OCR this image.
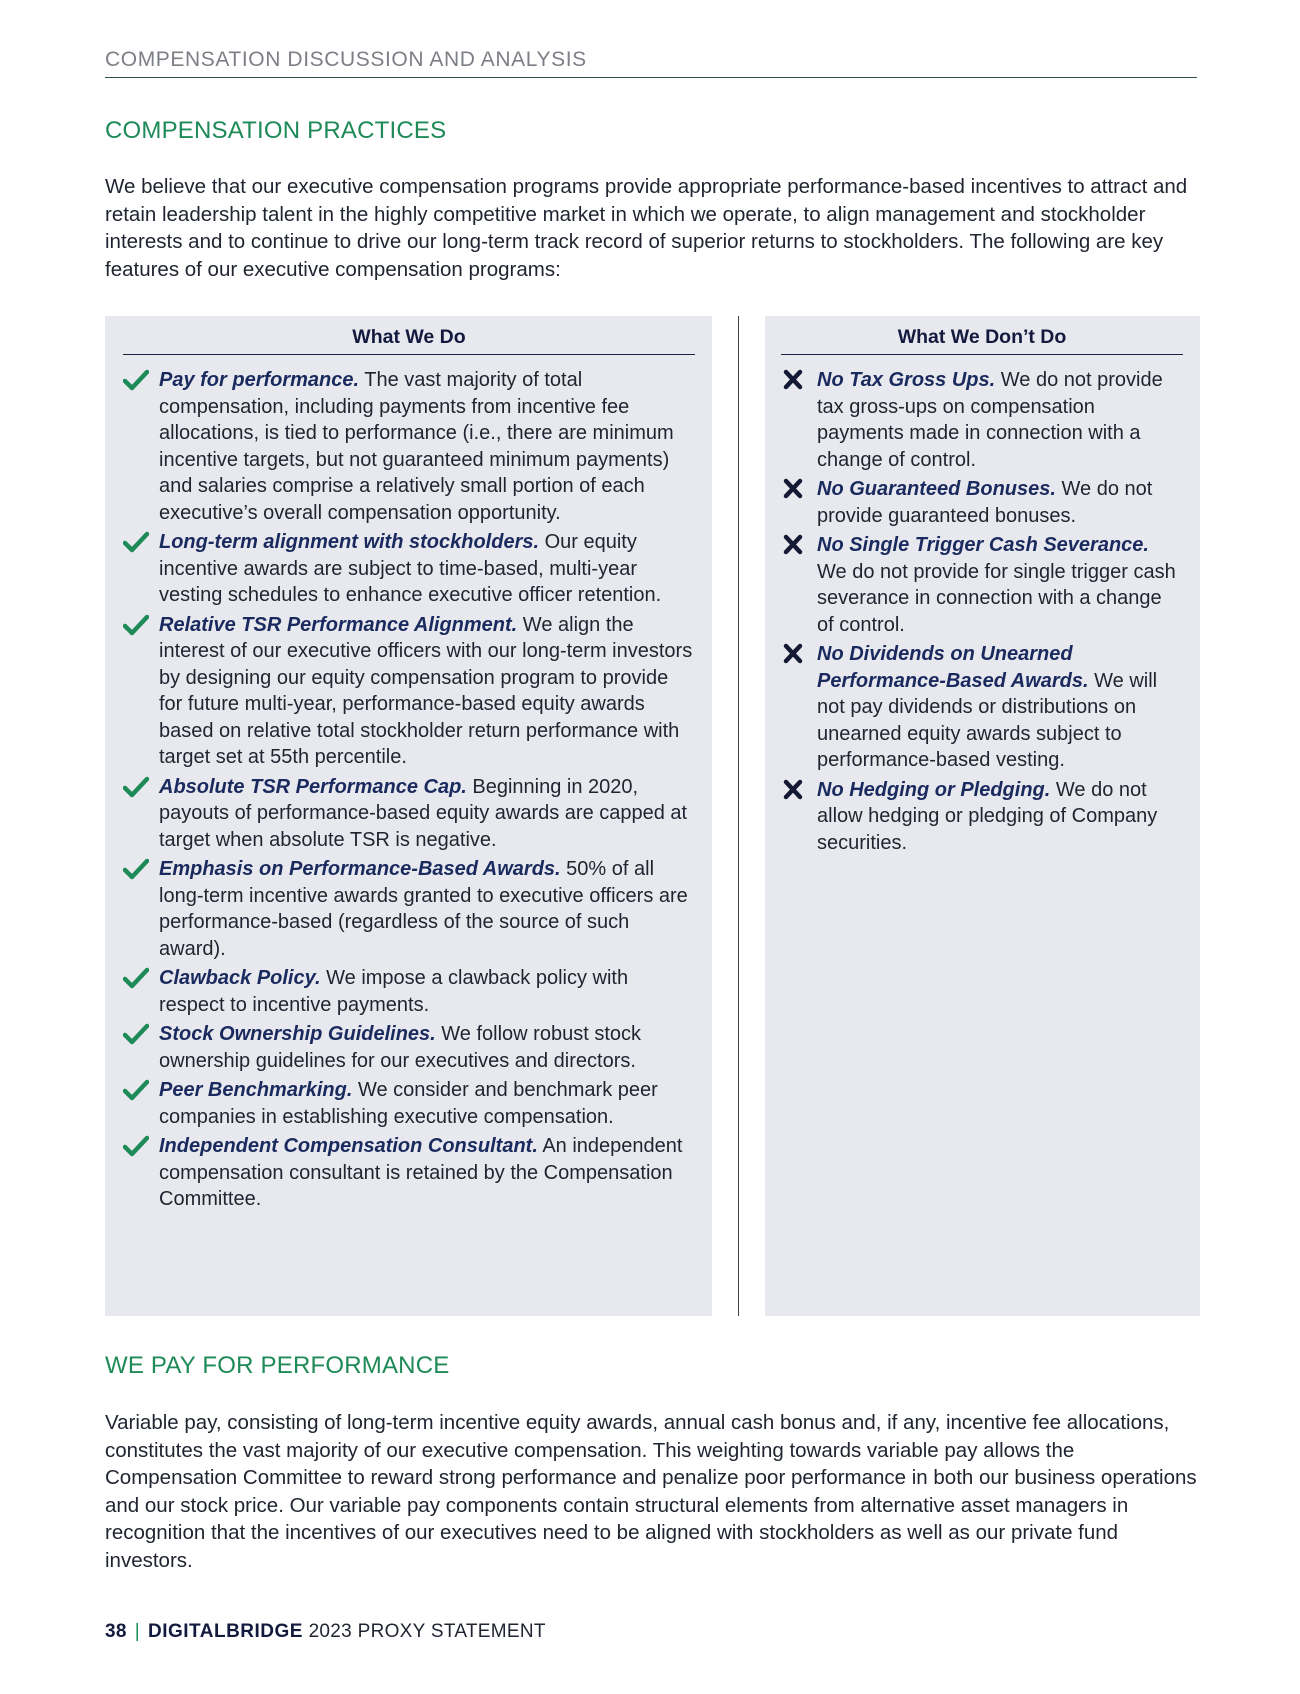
COMPENSATION DISCUSSION AND ANALYSIS
COMPENSATION PRACTICES
We believe that our executive compensation programs provide appropriate performance-based incentives to attract and retain leadership talent in the highly competitive market in which we operate, to align management and stockholder interests and to continue to drive our long-term track record of superior returns to stockholders. The following are key features of our executive compensation programs:
What We Do
Pay for performance. The vast majority of total compensation, including payments from incentive fee allocations, is tied to performance (i.e., there are minimum incentive targets, but not guaranteed minimum payments) and salaries comprise a relatively small portion of each executive’s overall compensation opportunity.
Long-term alignment with stockholders. Our equity incentive awards are subject to time-based, multi-year vesting schedules to enhance executive officer retention.
Relative TSR Performance Alignment. We align the interest of our executive officers with our long-term investors by designing our equity compensation program to provide for future multi-year, performance-based equity awards based on relative total stockholder return performance with target set at 55th percentile.
Absolute TSR Performance Cap. Beginning in 2020, payouts of performance-based equity awards are capped at target when absolute TSR is negative.
Emphasis on Performance-Based Awards. 50% of all long-term incentive awards granted to executive officers are performance-based (regardless of the source of such award).
Clawback Policy. We impose a clawback policy with respect to incentive payments.
Stock Ownership Guidelines. We follow robust stock ownership guidelines for our executives and directors.
Peer Benchmarking. We consider and benchmark peer companies in establishing executive compensation.
Independent Compensation Consultant. An independent compensation consultant is retained by the Compensation Committee.
What We Don’t Do
No Tax Gross Ups. We do not provide tax gross-ups on compensation payments made in connection with a change of control.
No Guaranteed Bonuses. We do not provide guaranteed bonuses.
No Single Trigger Cash Severance. We do not provide for single trigger cash severance in connection with a change of control.
No Dividends on Unearned Performance-Based Awards. We will not pay dividends or distributions on unearned equity awards subject to performance-based vesting.
No Hedging or Pledging. We do not allow hedging or pledging of Company securities.
WE PAY FOR PERFORMANCE
Variable pay, consisting of long-term incentive equity awards, annual cash bonus and, if any, incentive fee allocations, constitutes the vast majority of our executive compensation. This weighting towards variable pay allows the Compensation Committee to reward strong performance and penalize poor performance in both our business operations and our stock price. Our variable pay components contain structural elements from alternative asset managers in recognition that the incentives of our executives need to be aligned with stockholders as well as our private fund investors.
38 | DIGITALBRIDGE 2023 PROXY STATEMENT
